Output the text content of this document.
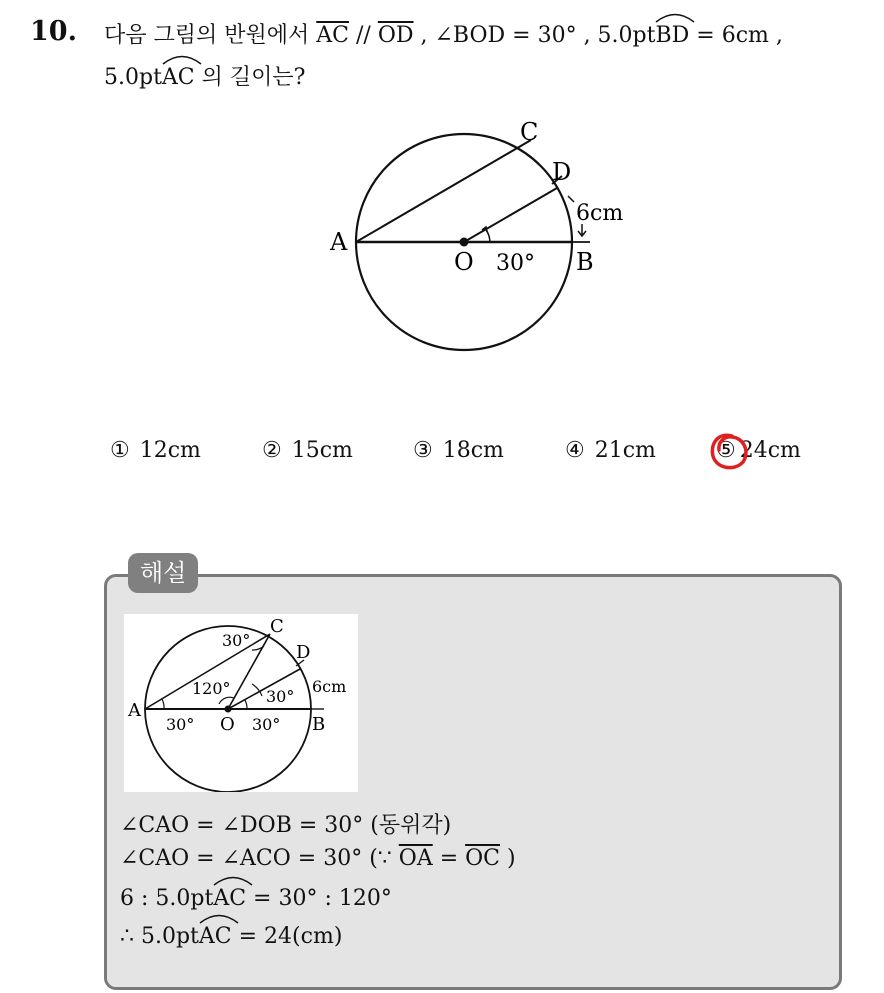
10. 다음 그림의 반원에서 $\overline{AC} // \overline{OD}$ , ∠BOD = 30° , 5.0pt
BD = 6cm ,
5.0pt
AC 의 길이는?
A
B
C
D
O 30°
6cm
① 12cm	② 15cm	③ 18cm	④ 21cm	⑤ 24cm
해설
A
B
C
D
O
30°
120° 30°
30°	30°
6cm
∠CAO = ∠DOB = 30° (동위각)
∠CAO = ∠ACO = 30° (∵ $\overline{OA} = \overline{OC}$ )
6 : 5.0pt
AC = 30° : 120°
∴ 5.0pt
AC = 24(cm)
